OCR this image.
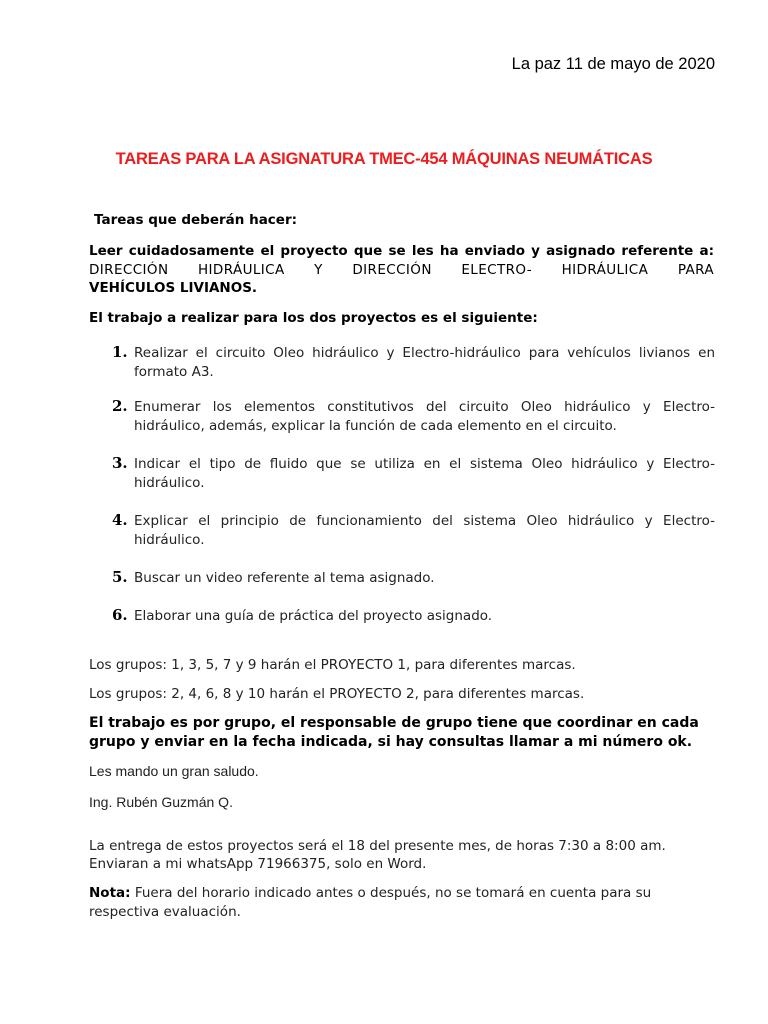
La paz 11 de mayo de 2020
TAREAS PARA LA ASIGNATURA TMEC-454 MÁQUINAS NEUMÁTICAS
Tareas que deberán hacer:
Leer cuidadosamente el proyecto que se les ha enviado y asignado referente a:
DIRECCIÓN HIDRÁULICA Y DIRECCIÓN ELECTRO- HIDRÁULICA PARA
VEHÍCULOS LIVIANOS.
El trabajo a realizar para los dos proyectos es el siguiente:
1. Realizar el circuito Oleo hidráulico y Electro-hidráulico para vehículos livianos en
formato A3.
2. Enumerar los elementos constitutivos del circuito Oleo hidráulico y Electro-
hidráulico, además, explicar la función de cada elemento en el circuito.
3. Indicar el tipo de fluido que se utiliza en el sistema Oleo hidráulico y Electro-
hidráulico.
4. Explicar el principio de funcionamiento del sistema Oleo hidráulico y Electro-
hidráulico.
5. Buscar un video referente al tema asignado.
6. Elaborar una guía de práctica del proyecto asignado.
Los grupos: 1, 3, 5, 7 y 9 harán el PROYECTO 1, para diferentes marcas.
Los grupos: 2, 4, 6, 8 y 10 harán el PROYECTO 2, para diferentes marcas.
El trabajo es por grupo, el responsable de grupo tiene que coordinar en cada
grupo y enviar en la fecha indicada, si hay consultas llamar a mi número ok.
Les mando un gran saludo.
Ing. Rubén Guzmán Q.
La entrega de estos proyectos será el 18 del presente mes, de horas 7:30 a 8:00 am.
Enviaran a mi whatsApp 71966375, solo en Word.
Nota: Fuera del horario indicado antes o después, no se tomará en cuenta para su
respectiva evaluación.
